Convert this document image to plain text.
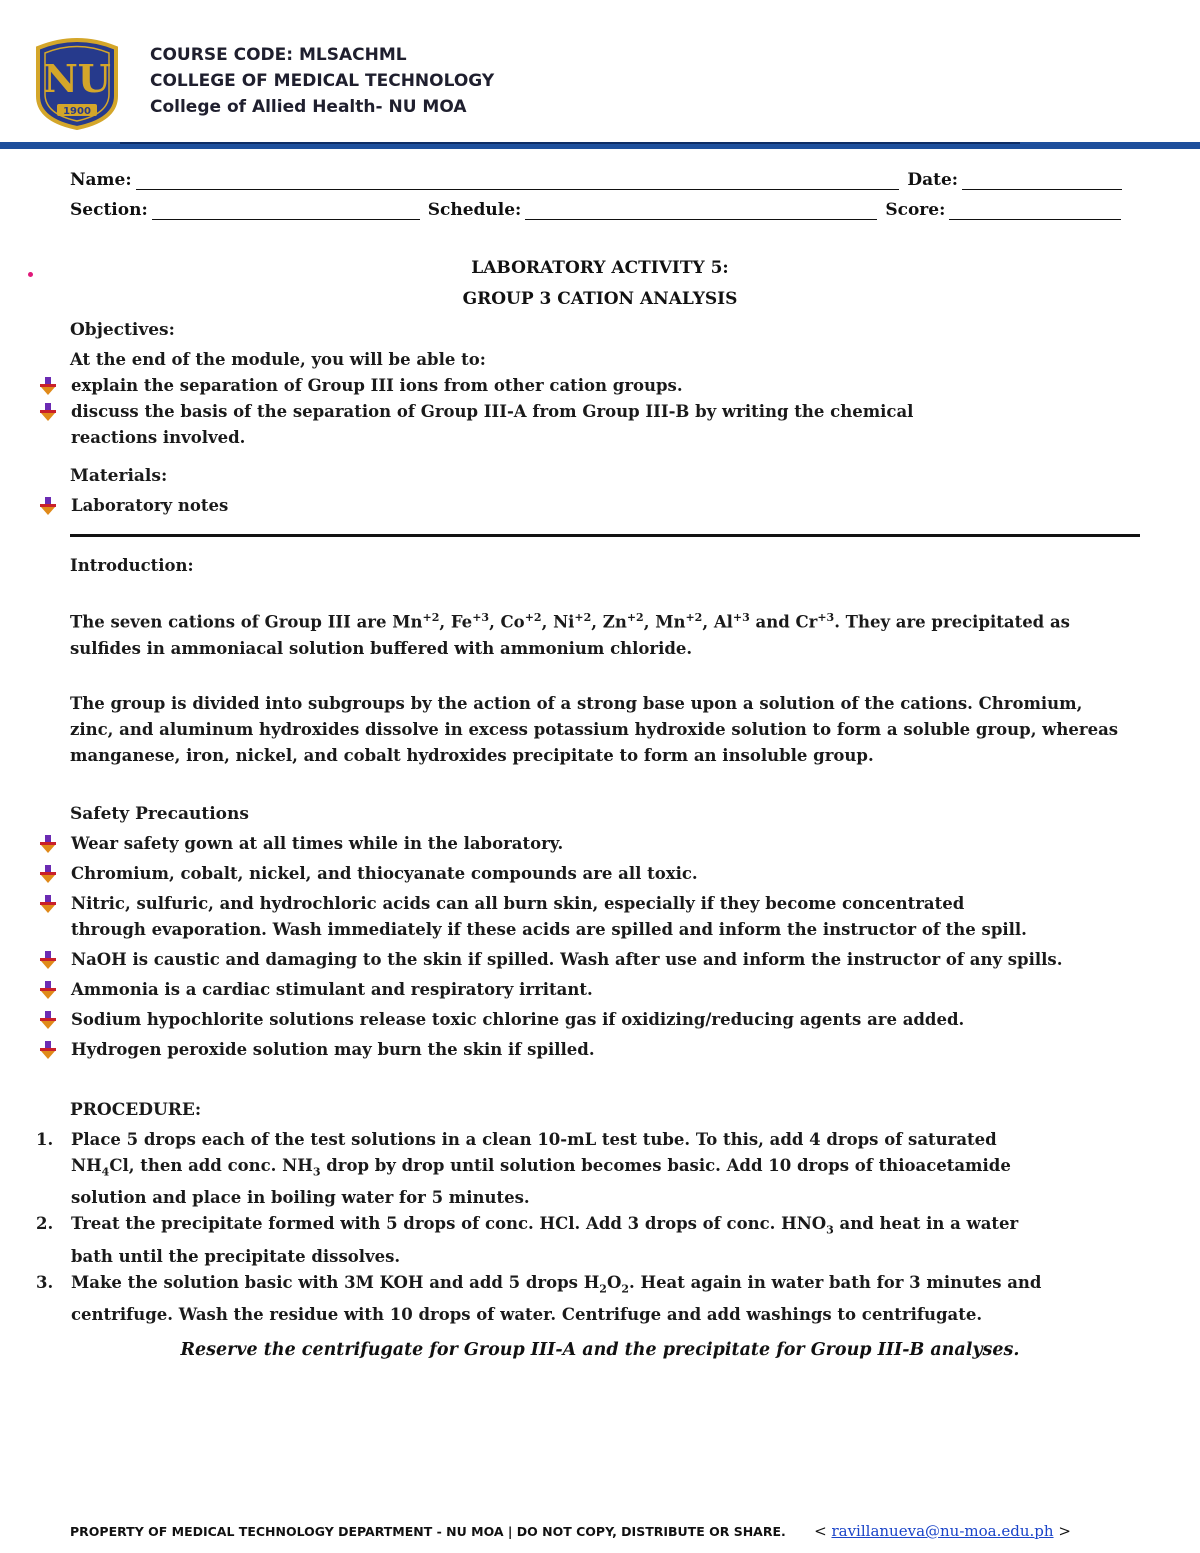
NU
1900
COURSE CODE: MLSACHML
COLLEGE OF MEDICAL TECHNOLOGY
College of Allied Health- NU MOA
Name:	Date:
Section:	Schedule:	Score:
LABORATORY ACTIVITY 5:
GROUP 3 CATION ANALYSIS
Objectives:
At the end of the module, you will be able to:
explain the separation of Group III ions from other cation groups.
discuss the basis of the separation of Group III-A from Group III-B by writing the chemical reactions involved.
Materials:
Laboratory notes
Introduction:
The seven cations of Group III are $Mn^{+2}$, $Fe^{+3}$, $Co^{+2}$, $Ni^{+2}$, $Zn^{+2}$, $Mn^{+2}$, $Al^{+3}$ and $Cr^{+3}$. They are precipitated as sulfides in ammoniacal solution buffered with ammonium chloride.
The group is divided into subgroups by the action of a strong base upon a solution of the cations. Chromium, zinc, and aluminum hydroxides dissolve in excess potassium hydroxide solution to form a soluble group, whereas manganese, iron, nickel, and cobalt hydroxides precipitate to form an insoluble group.
Safety Precautions
Wear safety gown at all times while in the laboratory.
Chromium, cobalt, nickel, and thiocyanate compounds are all toxic.
Nitric, sulfuric, and hydrochloric acids can all burn skin, especially if they become concentrated through evaporation. Wash immediately if these acids are spilled and inform the instructor of the spill.
NaOH is caustic and damaging to the skin if spilled. Wash after use and inform the instructor of any spills.
Ammonia is a cardiac stimulant and respiratory irritant.
Sodium hypochlorite solutions release toxic chlorine gas if oxidizing/reducing agents are added.
Hydrogen peroxide solution may burn the skin if spilled.
PROCEDURE:
1. Place 5 drops each of the test solutions in a clean 10-mL test tube. To this, add 4 drops of saturated $NH_4Cl$, then add conc. $NH_3$ drop by drop until solution becomes basic. Add 10 drops of thioacetamide solution and place in boiling water for 5 minutes.
2. Treat the precipitate formed with 5 drops of conc. HCl. Add 3 drops of conc. $HNO_3$ and heat in a water bath until the precipitate dissolves.
3. Make the solution basic with 3M KOH and add 5 drops $H_2O_2$. Heat again in water bath for 3 minutes and centrifuge. Wash the residue with 10 drops of water. Centrifuge and add washings to centrifugate.
Reserve the centrifugate for Group III-A and the precipitate for Group III-B analyses.
PROPERTY OF MEDICAL TECHNOLOGY DEPARTMENT - NU MOA | DO NOT COPY, DISTRIBUTE OR SHARE. < ravillanueva@nu-moa.edu.ph >
